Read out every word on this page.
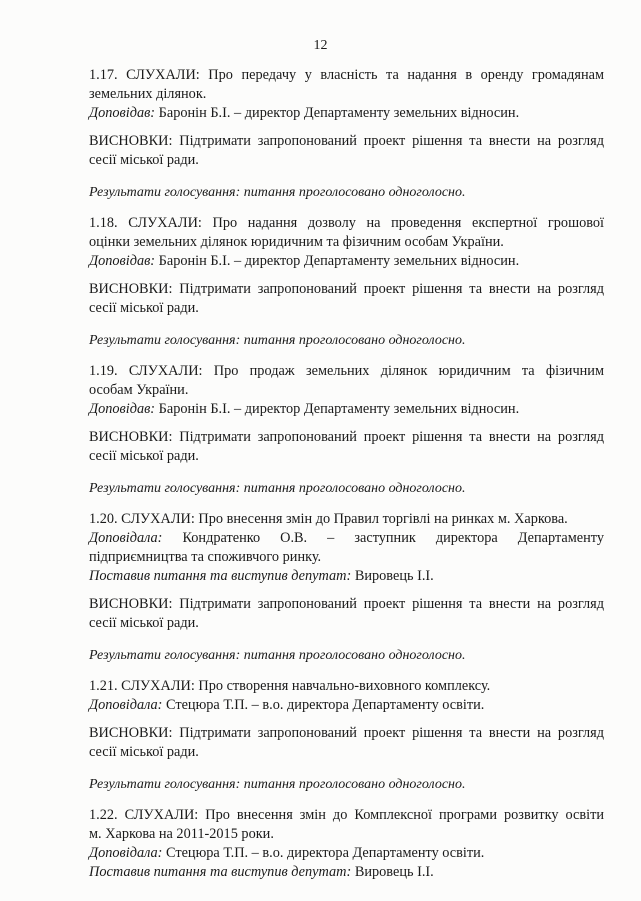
12
1.17. СЛУХАЛИ: Про передачу у власність та надання в оренду громадянам
земельних ділянок.
Доповідав: Баронін Б.І. – директор Департаменту земельних відносин.
ВИСНОВКИ: Підтримати запропонований проект рішення та внести на розгляд
сесії міської ради.
Результати голосування: питання проголосовано одноголосно.
1.18. СЛУХАЛИ: Про надання дозволу на проведення експертної грошової
оцінки земельних ділянок юридичним та фізичним особам України.
Доповідав: Баронін Б.І. – директор Департаменту земельних відносин.
ВИСНОВКИ: Підтримати запропонований проект рішення та внести на розгляд
сесії міської ради.
Результати голосування: питання проголосовано одноголосно.
1.19. СЛУХАЛИ: Про продаж земельних ділянок юридичним та фізичним
особам України.
Доповідав: Баронін Б.І. – директор Департаменту земельних відносин.
ВИСНОВКИ: Підтримати запропонований проект рішення та внести на розгляд
сесії міської ради.
Результати голосування: питання проголосовано одноголосно.
1.20. СЛУХАЛИ: Про внесення змін до Правил торгівлі на ринках м. Харкова.
Доповідала: Кондратенко О.В. – заступник директора Департаменту
підприємництва та споживчого ринку.
Поставив питання та виступив депутат: Вировець І.І.
ВИСНОВКИ: Підтримати запропонований проект рішення та внести на розгляд
сесії міської ради.
Результати голосування: питання проголосовано одноголосно.
1.21. СЛУХАЛИ: Про створення навчально-виховного комплексу.
Доповідала: Стецюра Т.П. – в.о. директора Департаменту освіти.
ВИСНОВКИ: Підтримати запропонований проект рішення та внести на розгляд
сесії міської ради.
Результати голосування: питання проголосовано одноголосно.
1.22. СЛУХАЛИ: Про внесення змін до Комплексної програми розвитку освіти
м. Харкова на 2011-2015 роки.
Доповідала: Стецюра Т.П. – в.о. директора Департаменту освіти.
Поставив питання та виступив депутат: Вировець І.І.
